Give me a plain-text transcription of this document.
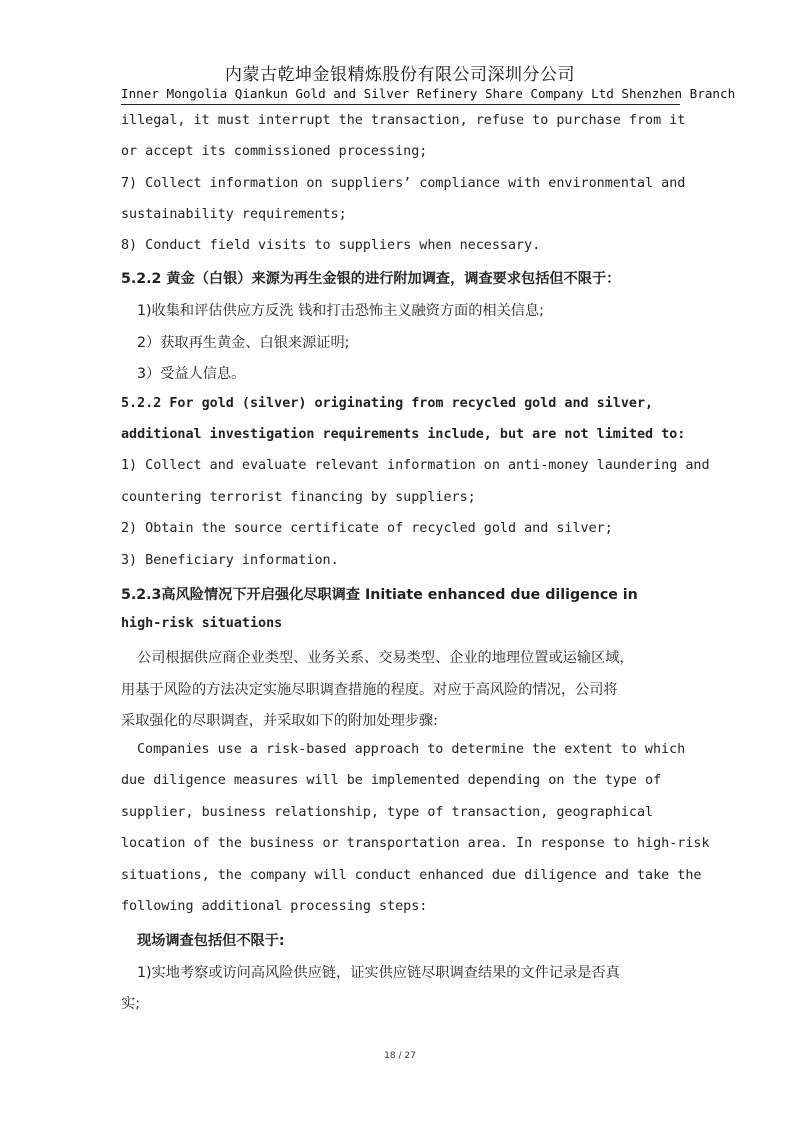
内蒙古乾坤金银精炼股份有限公司深圳分公司
Inner Mongolia Qiankun Gold and Silver Refinery Share Company Ltd Shenzhen Branch
illegal, it must interrupt the transaction, refuse to purchase from it
or accept its commissioned processing;
7) Collect information on suppliers’ compliance with environmental and
sustainability requirements;
8) Conduct field visits to suppliers when necessary.
5.2.2 黄金（白银）来源为再生金银的进行附加调查，调查要求包括但不限于：
1)收集和评估供应方反洗 钱和打击恐怖主义融资方面的相关信息;
2）获取再生黄金、白银来源证明;
3）受益人信息。
5.2.2 For gold (silver) originating from recycled gold and silver,
additional investigation requirements include, but are not limited to:
1) Collect and evaluate relevant information on anti-money laundering and
countering terrorist financing by suppliers;
2) Obtain the source certificate of recycled gold and silver;
3) Beneficiary information.
5.2.3高风险情况下开启强化尽职调查 Initiate enhanced due diligence in
high-risk situations
公司根据供应商企业类型、业务关系、交易类型、企业的地理位置或运输区域，
用基于风险的方法决定实施尽职调查措施的程度。对应于高风险的情况，公司将
采取强化的尽职调查，并采取如下的附加处理步骤:
Companies use a risk-based approach to determine the extent to which
due diligence measures will be implemented depending on the type of
supplier, business relationship, type of transaction, geographical
location of the business or transportation area. In response to high-risk
situations, the company will conduct enhanced due diligence and take the
following additional processing steps:
现场调查包括但不限于:
1)实地考察或访问高风险供应链，证实供应链尽职调查结果的文件记录是否真
实;
18 / 27
